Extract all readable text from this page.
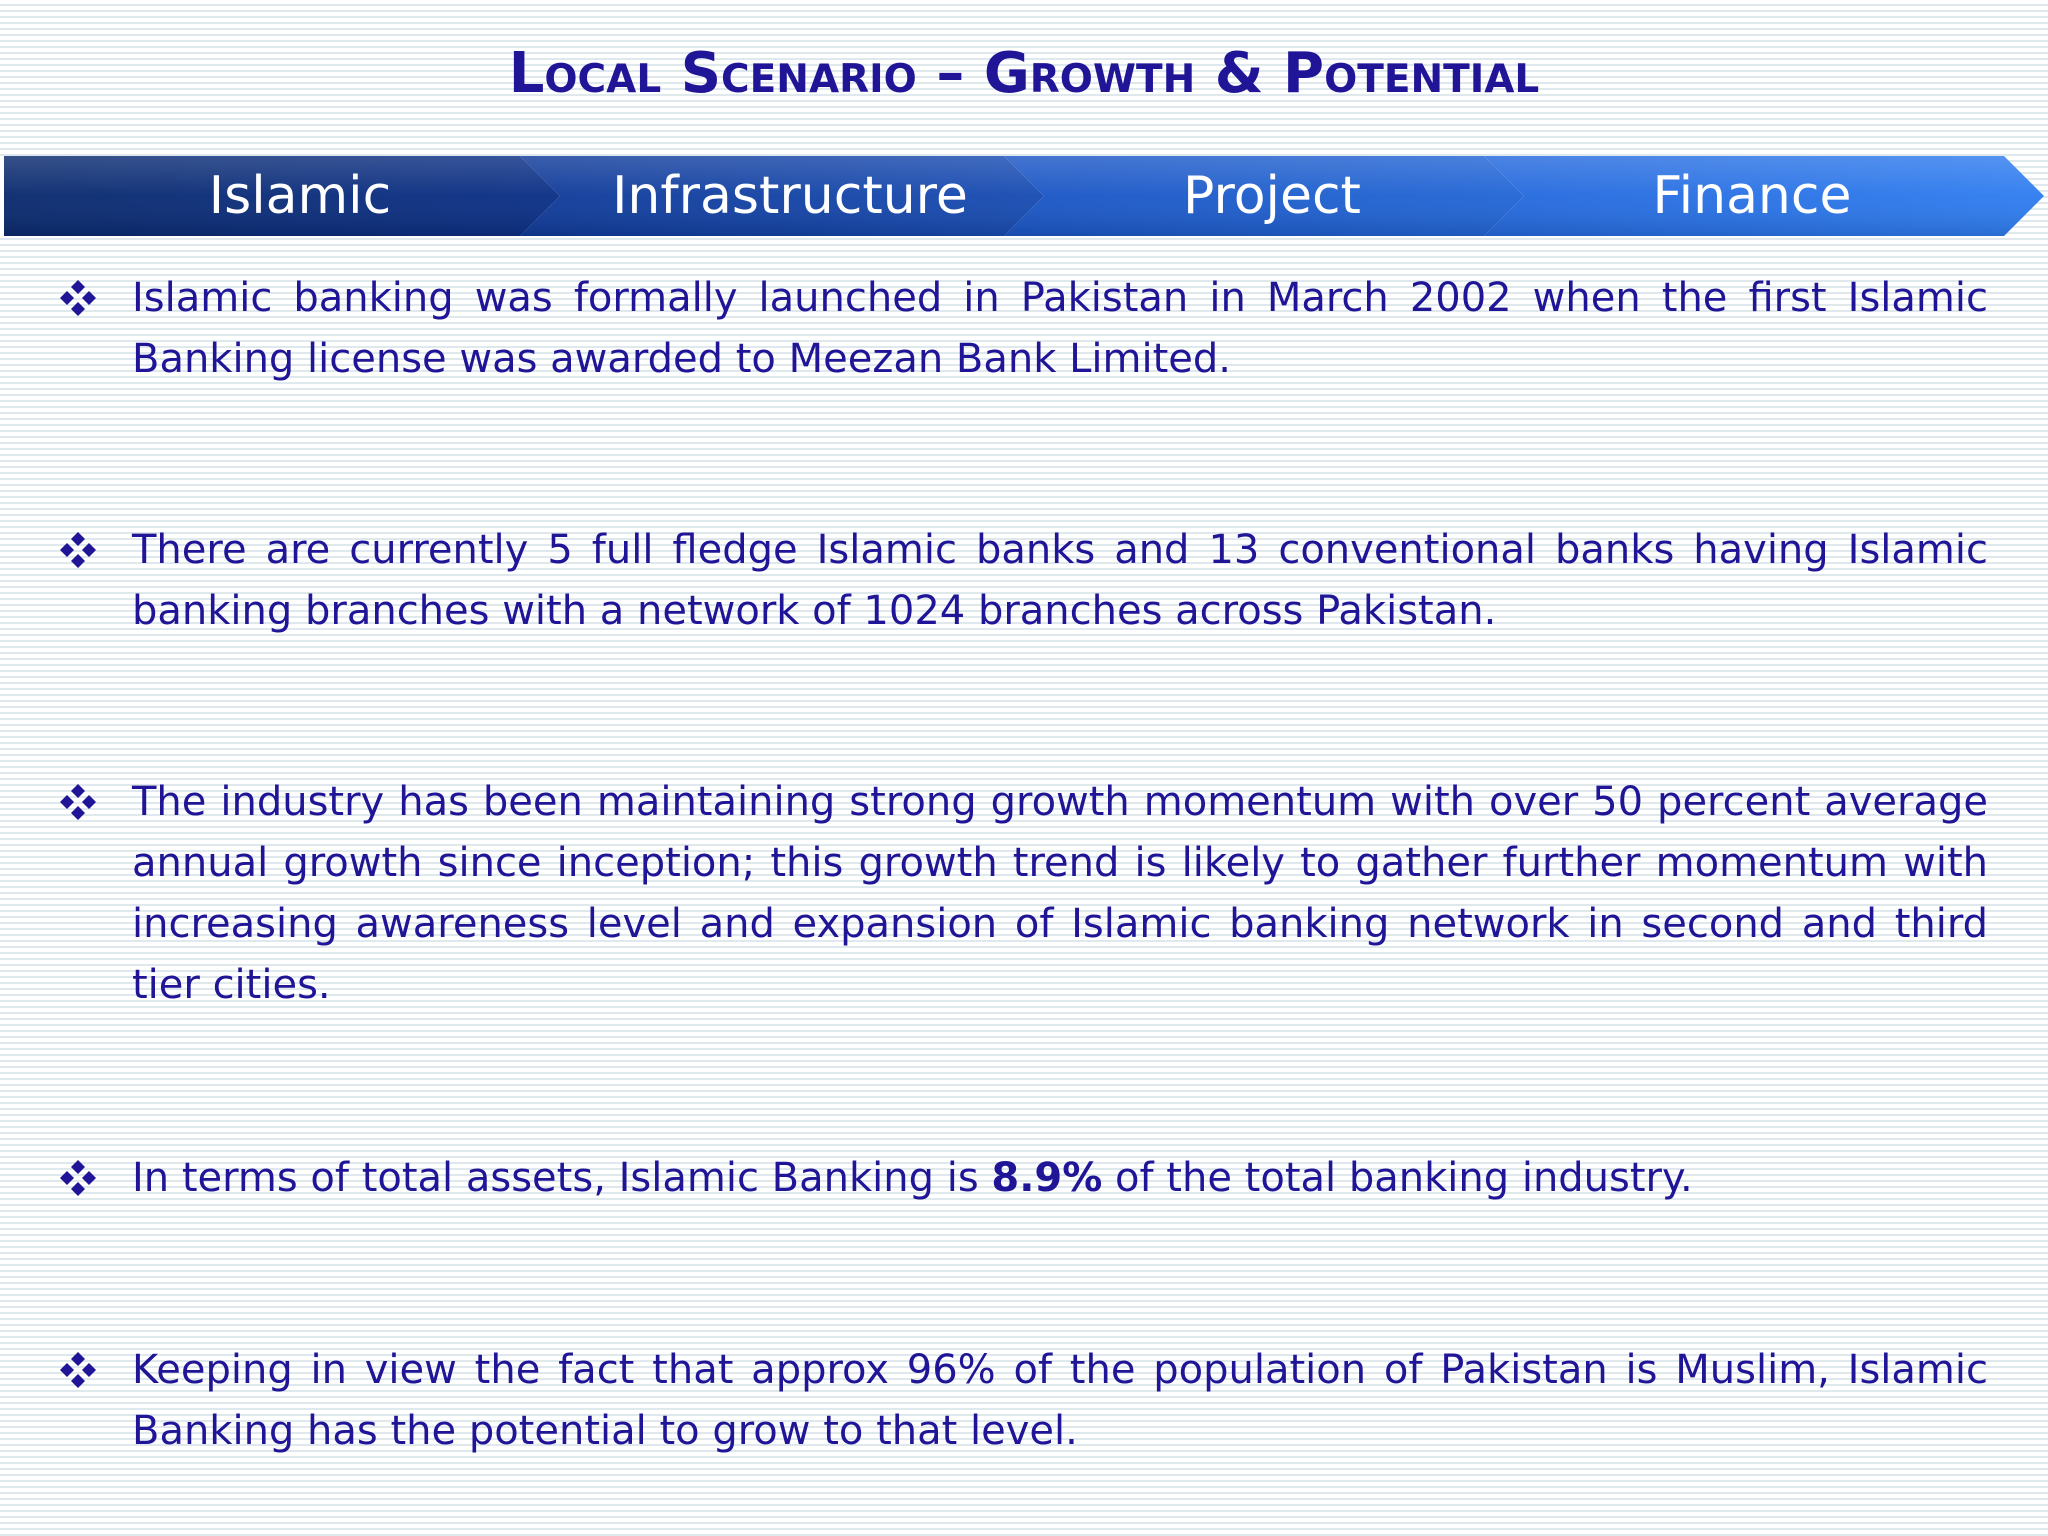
Local Scenario – Growth & Potential
Islamic	Infrastructure	Project	Finance

Islamic banking was formally launched in Pakistan in March 2002 when the first Islamic Banking license was awarded to Meezan Bank Limited.

There are currently 5 full fledge Islamic banks and 13 conventional banks having Islamic banking branches with a network of 1024 branches across Pakistan.

The industry has been maintaining strong growth momentum with over 50 percent average annual growth since inception; this growth trend is likely to gather further momentum with increasing awareness level and expansion of Islamic banking network in second and third tier cities.

In terms of total assets, Islamic Banking is 8.9% of the total banking industry.

Keeping in view the fact that approx 96% of the population of Pakistan is Muslim, Islamic Banking has the potential to grow to that level.
